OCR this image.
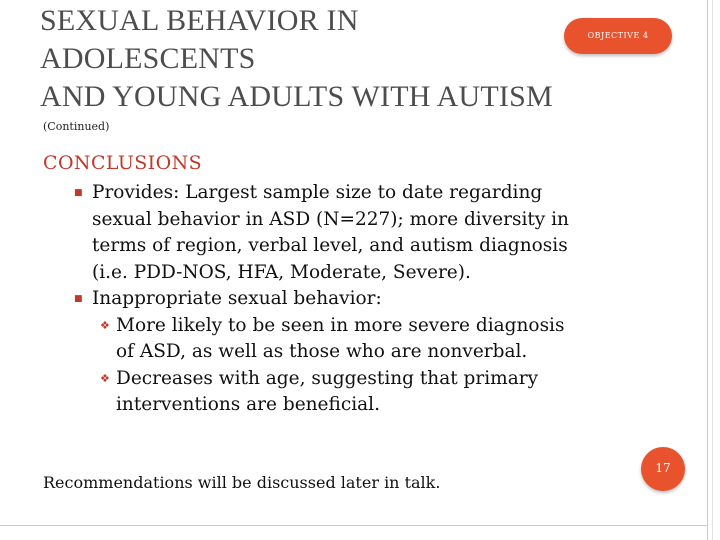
SEXUAL BEHAVIOR IN
ADOLESCENTS
AND YOUNG ADULTS WITH AUTISM
OBJECTIVE 4
(Continued)
CONCLUSIONS
■ Provides: Largest sample size to date regarding
sexual behavior in ASD (N=227); more diversity in
terms of region, verbal level, and autism diagnosis
(i.e. PDD-NOS, HFA, Moderate, Severe).
■ Inappropriate sexual behavior:
❖ More likely to be seen in more severe diagnosis
of ASD, as well as those who are nonverbal.
❖ Decreases with age, suggesting that primary
interventions are beneficial.
Recommendations will be discussed later in talk.
17
